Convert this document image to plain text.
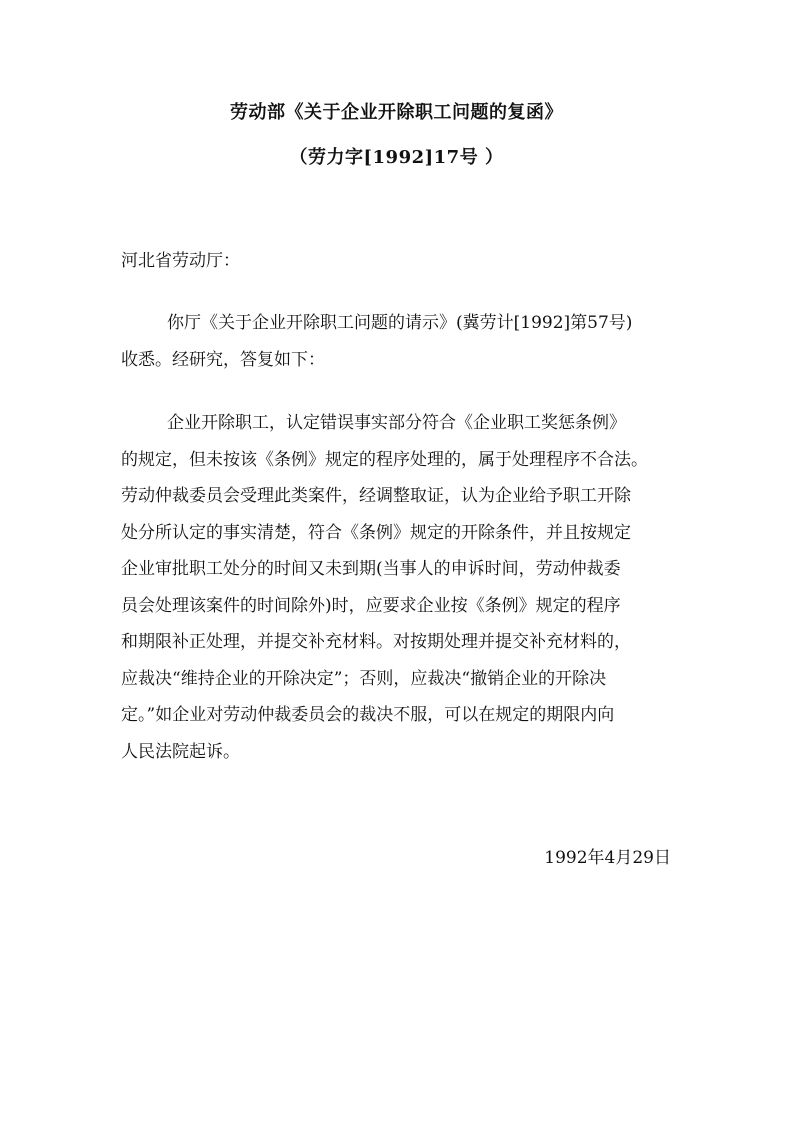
劳动部《关于企业开除职工问题的复函》
（劳力字[1992]17号 ）
河北省劳动厅：
你厅《关于企业开除职工问题的请示》(冀劳计[1992]第57号)
收悉。经研究，答复如下：
企业开除职工，认定错误事实部分符合《企业职工奖惩条例》
的规定，但未按该《条例》规定的程序处理的，属于处理程序不合法。
劳动仲裁委员会受理此类案件，经调整取证，认为企业给予职工开除
处分所认定的事实清楚，符合《条例》规定的开除条件，并且按规定
企业审批职工处分的时间又未到期(当事人的申诉时间，劳动仲裁委
员会处理该案件的时间除外)时，应要求企业按《条例》规定的程序
和期限补正处理，并提交补充材料。对按期处理并提交补充材料的，
应裁决“维持企业的开除决定”；否则，应裁决“撤销企业的开除决
定。”如企业对劳动仲裁委员会的裁决不服，可以在规定的期限内向
人民法院起诉。
1992年4月29日
